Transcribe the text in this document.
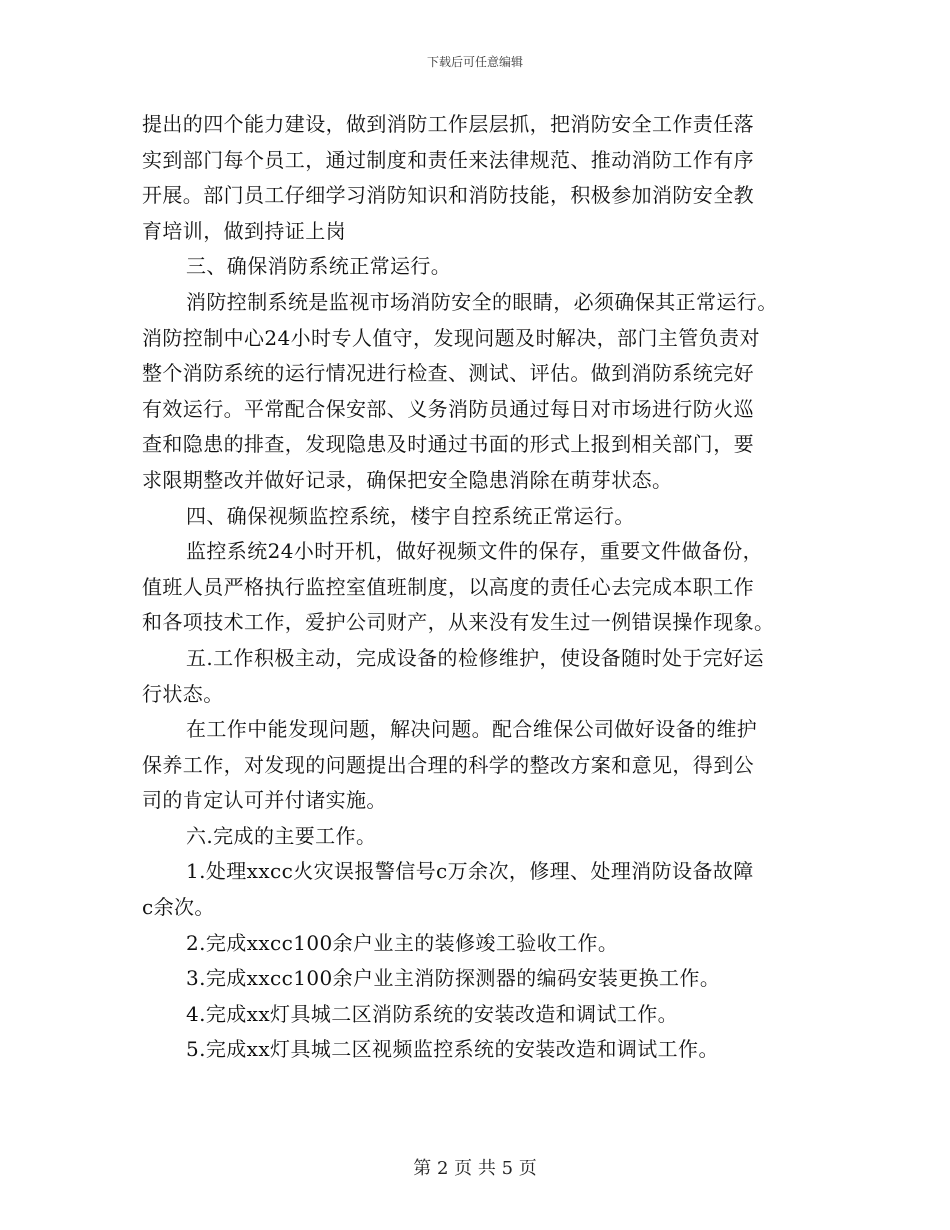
下载后可任意编辑
提出的四个能力建设，做到消防工作层层抓，把消防安全工作责任落
实到部门每个员工，通过制度和责任来法律规范、推动消防工作有序
开展。部门员工仔细学习消防知识和消防技能，积极参加消防安全教
育培训，做到持证上岗
三、确保消防系统正常运行。
消防控制系统是监视市场消防安全的眼睛，必须确保其正常运行。
消防控制中心24小时专人值守，发现问题及时解决，部门主管负责对
整个消防系统的运行情况进行检查、测试、评估。做到消防系统完好
有效运行。平常配合保安部、义务消防员通过每日对市场进行防火巡
查和隐患的排查，发现隐患及时通过书面的形式上报到相关部门，要
求限期整改并做好记录，确保把安全隐患消除在萌芽状态。
四、确保视频监控系统，楼宇自控系统正常运行。
监控系统24小时开机，做好视频文件的保存，重要文件做备份，
值班人员严格执行监控室值班制度，以高度的责任心去完成本职工作
和各项技术工作，爱护公司财产，从来没有发生过一例错误操作现象。
五.工作积极主动，完成设备的检修维护，使设备随时处于完好运
行状态。
在工作中能发现问题，解决问题。配合维保公司做好设备的维护
保养工作，对发现的问题提出合理的科学的整改方案和意见，得到公
司的肯定认可并付诸实施。
六.完成的主要工作。
1.处理xxcc火灾误报警信号c万余次，修理、处理消防设备故障
c余次。
2.完成xxcc100余户业主的装修竣工验收工作。
3.完成xxcc100余户业主消防探测器的编码安装更换工作。
4.完成xx灯具城二区消防系统的安装改造和调试工作。
5.完成xx灯具城二区视频监控系统的安装改造和调试工作。
第 2 页 共 5 页
